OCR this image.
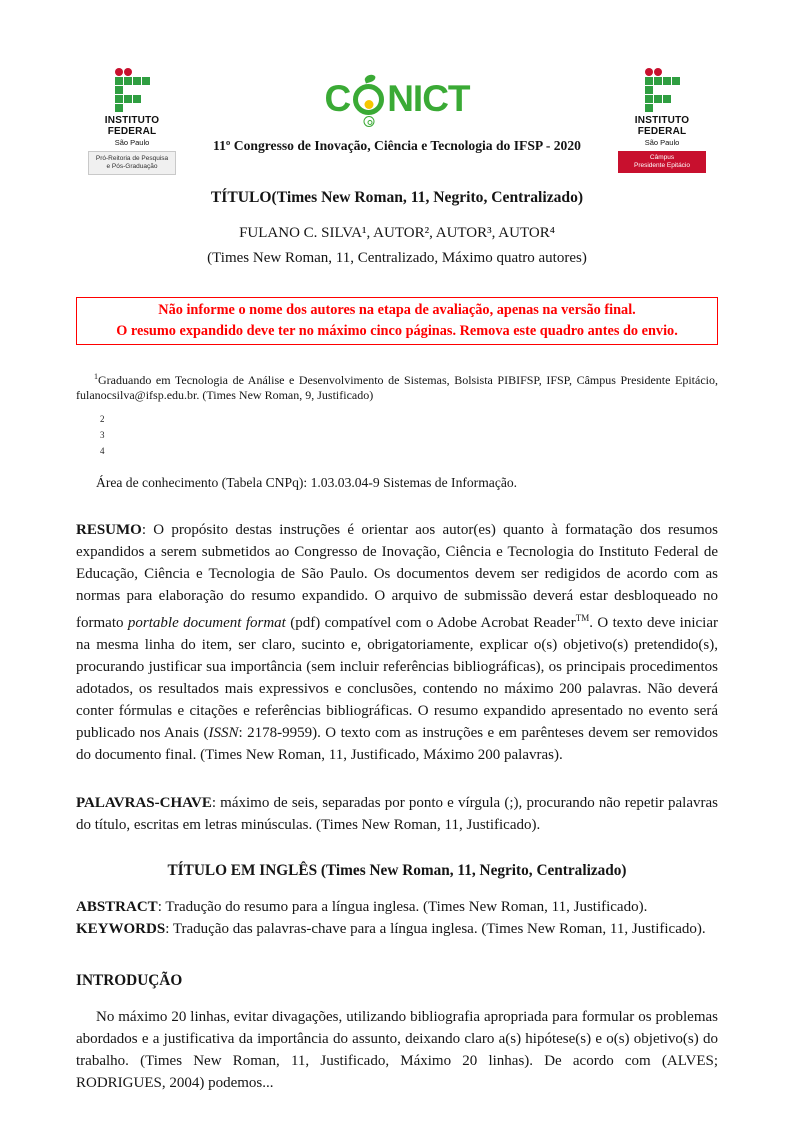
INSTITUTO
FEDERAL
São Paulo
Pró-Reitoria de Pesquisa
e Pós-Graduação
C NICT
11º Congresso de Inovação, Ciência e Tecnologia do IFSP - 2020
INSTITUTO
FEDERAL
São Paulo
Câmpus
Presidente Epitácio
TÍTULO(Times New Roman, 11, Negrito, Centralizado)

FULANO C. SILVA¹, AUTOR², AUTOR³, AUTOR⁴

(Times New Roman, 11, Centralizado, Máximo quatro autores)

Não informe o nome dos autores na etapa de avaliação, apenas na versão final.
O resumo expandido deve ter no máximo cinco páginas. Remova este quadro antes do envio.

$^1$Graduando em Tecnologia de Análise e Desenvolvimento de Sistemas, Bolsista PIBIFSP, IFSP, Câmpus Presidente Epitácio, fulanocsilva@ifsp.edu.br. (Times New Roman, 9, Justificado)

2
3
4

Área de conhecimento (Tabela CNPq): 1.03.03.04-9 Sistemas de Informação.

RESUMO: O propósito destas instruções é orientar aos autor(es) quanto à formatação dos resumos expandidos a serem submetidos ao Congresso de Inovação, Ciência e Tecnologia do Instituto Federal de Educação, Ciência e Tecnologia de São Paulo. Os documentos devem ser redigidos de acordo com as normas para elaboração do resumo expandido. O arquivo de submissão deverá estar desbloqueado no formato portable document format (pdf) compatível com o Adobe Acrobat Reader™. O texto deve iniciar na mesma linha do item, ser claro, sucinto e, obrigatoriamente, explicar o(s) objetivo(s) pretendido(s), procurando justificar sua importância (sem incluir referências bibliográficas), os principais procedimentos adotados, os resultados mais expressivos e conclusões, contendo no máximo 200 palavras. Não deverá conter fórmulas e citações e referências bibliográficas. O resumo expandido apresentado no evento será publicado nos Anais (ISSN: 2178-9959). O texto com as instruções e em parênteses devem ser removidos do documento final. (Times New Roman, 11, Justificado, Máximo 200 palavras).

PALAVRAS-CHAVE: máximo de seis, separadas por ponto e vírgula (;), procurando não repetir palavras do título, escritas em letras minúsculas. (Times New Roman, 11, Justificado).

TÍTULO EM INGLÊS (Times New Roman, 11, Negrito, Centralizado)

ABSTRACT: Tradução do resumo para a língua inglesa. (Times New Roman, 11, Justificado).

KEYWORDS: Tradução das palavras-chave para a língua inglesa. (Times New Roman, 11, Justificado).

INTRODUÇÃO

No máximo 20 linhas, evitar divagações, utilizando bibliografia apropriada para formular os problemas abordados e a justificativa da importância do assunto, deixando claro a(s) hipótese(s) e o(s) objetivo(s) do trabalho. (Times New Roman, 11, Justificado, Máximo 20 linhas). De acordo com (ALVES; RODRIGUES, 2004) podemos...
